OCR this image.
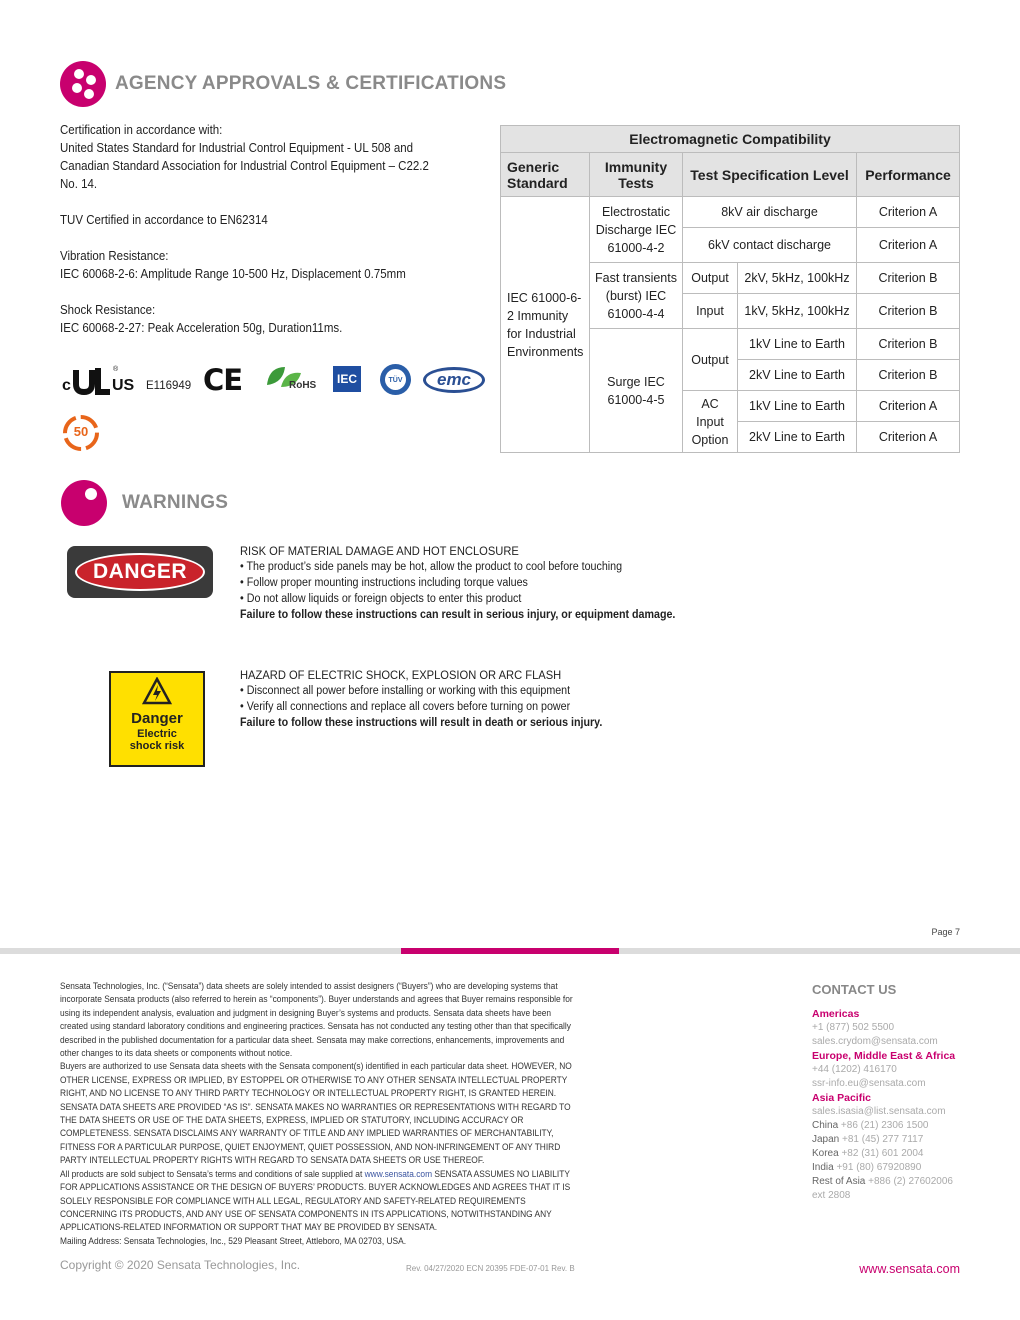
AGENCY APPROVALS & CERTIFICATIONS
Certification in accordance with:
United States Standard for Industrial Control Equipment - UL 508 and
Canadian Standard Association for Industrial Control Equipment – C22.2
No. 14.
TUV Certified in accordance to EN62314
Vibration Resistance:
IEC 60068-2-6: Amplitude Range 10-500 Hz, Displacement 0.75mm
Shock Resistance:
IEC 60068-2-27: Peak Acceleration 50g, Duration11ms.
c
®
US E116949 CE	RoHS	IEC	TÜV	emc
50
Electromagnetic Compatibility				
Generic Standard	Immunity Tests	Test Specification Level		Performance
IEC 61000-6-2 Immunity for Industrial Environments	Electrostatic Discharge IEC 61000-4-2	8kV air discharge		Criterion A
		6kV contact discharge		Criterion A
	Fast transients (burst) IEC 61000-4-4	Output	2kV, 5kHz, 100kHz	Criterion B
		Input	1kV, 5kHz, 100kHz	Criterion B
	Surge IEC 61000-4-5	Output	1kV Line to Earth	Criterion B
			2kV Line to Earth	Criterion B
		AC Input Option	1kV Line to Earth	Criterion A
			2kV Line to Earth	Criterion A
WARNINGS
DANGER
RISK OF MATERIAL DAMAGE AND HOT ENCLOSURE
• The product’s side panels may be hot, allow the product to cool before touching
• Follow proper mounting instructions including torque values
• Do not allow liquids or foreign objects to enter this product
Failure to follow these instructions can result in serious injury, or equipment damage.
Danger
Electric shock risk
HAZARD OF ELECTRIC SHOCK, EXPLOSION OR ARC FLASH
• Disconnect all power before installing or working with this equipment
• Verify all connections and replace all covers before turning on power
Failure to follow these instructions will result in death or serious injury.
Page 7

Sensata Technologies, Inc. (“Sensata”) data sheets are solely intended to assist designers (“Buyers”) who are developing systems that incorporate Sensata products (also referred to herein as “components”). Buyer understands and agrees that Buyer remains responsible for using its independent analysis, evaluation and judgment in designing Buyer’s systems and products. Sensata data sheets have been created using standard laboratory conditions and engineering practices. Sensata has not conducted any testing other than that specifically described in the published documentation for a particular data sheet. Sensata may make corrections, enhancements, improvements and other changes to its data sheets or components without notice.

Buyers are authorized to use Sensata data sheets with the Sensata component(s) identified in each particular data sheet. HOWEVER, NO OTHER LICENSE, EXPRESS OR IMPLIED, BY ESTOPPEL OR OTHERWISE TO ANY OTHER SENSATA INTELLECTUAL PROPERTY RIGHT, AND NO LICENSE TO ANY THIRD PARTY TECHNOLOGY OR INTELLECTUAL PROPERTY RIGHT, IS GRANTED HEREIN. SENSATA DATA SHEETS ARE PROVIDED “AS IS”. SENSATA MAKES NO WARRANTIES OR REPRESENTATIONS WITH REGARD TO THE DATA SHEETS OR USE OF THE DATA SHEETS, EXPRESS, IMPLIED OR STATUTORY, INCLUDING ACCURACY OR COMPLETENESS. SENSATA DISCLAIMS ANY WARRANTY OF TITLE AND ANY IMPLIED WARRANTIES OF MERCHANTABILITY, FITNESS FOR A PARTICULAR PURPOSE, QUIET ENJOYMENT, QUIET POSSESSION, AND NON-INFRINGEMENT OF ANY THIRD PARTY INTELLECTUAL PROPERTY RIGHTS WITH REGARD TO SENSATA DATA SHEETS OR USE THEREOF.

All products are sold subject to Sensata’s terms and conditions of sale supplied at www.sensata.com SENSATA ASSUMES NO LIABILITY FOR APPLICATIONS ASSISTANCE OR THE DESIGN OF BUYERS’ PRODUCTS. BUYER ACKNOWLEDGES AND AGREES THAT IT IS SOLELY RESPONSIBLE FOR COMPLIANCE WITH ALL LEGAL, REGULATORY AND SAFETY-RELATED REQUIREMENTS CONCERNING ITS PRODUCTS, AND ANY USE OF SENSATA COMPONENTS IN ITS APPLICATIONS, NOTWITHSTANDING ANY APPLICATIONS-RELATED INFORMATION OR SUPPORT THAT MAY BE PROVIDED BY SENSATA.

Mailing Address: Sensata Technologies, Inc., 529 Pleasant Street, Attleboro, MA 02703, USA.

Copyright © 2020 Sensata Technologies, Inc.	Rev. 04/27/2020 ECN 20395 FDE-07-01 Rev. B	www.sensata.com
CONTACT US
Americas
+1 (877) 502 5500
sales.crydom@sensata.com
Europe, Middle East & Africa
+44 (1202) 416170
ssr-info.eu@sensata.com
Asia Pacific
sales.isasia@list.sensata.com
China +86 (21) 2306 1500
Japan +81 (45) 277 7117
Korea +82 (31) 601 2004
India +91 (80) 67920890
Rest of Asia +886 (2) 27602006
ext 2808
